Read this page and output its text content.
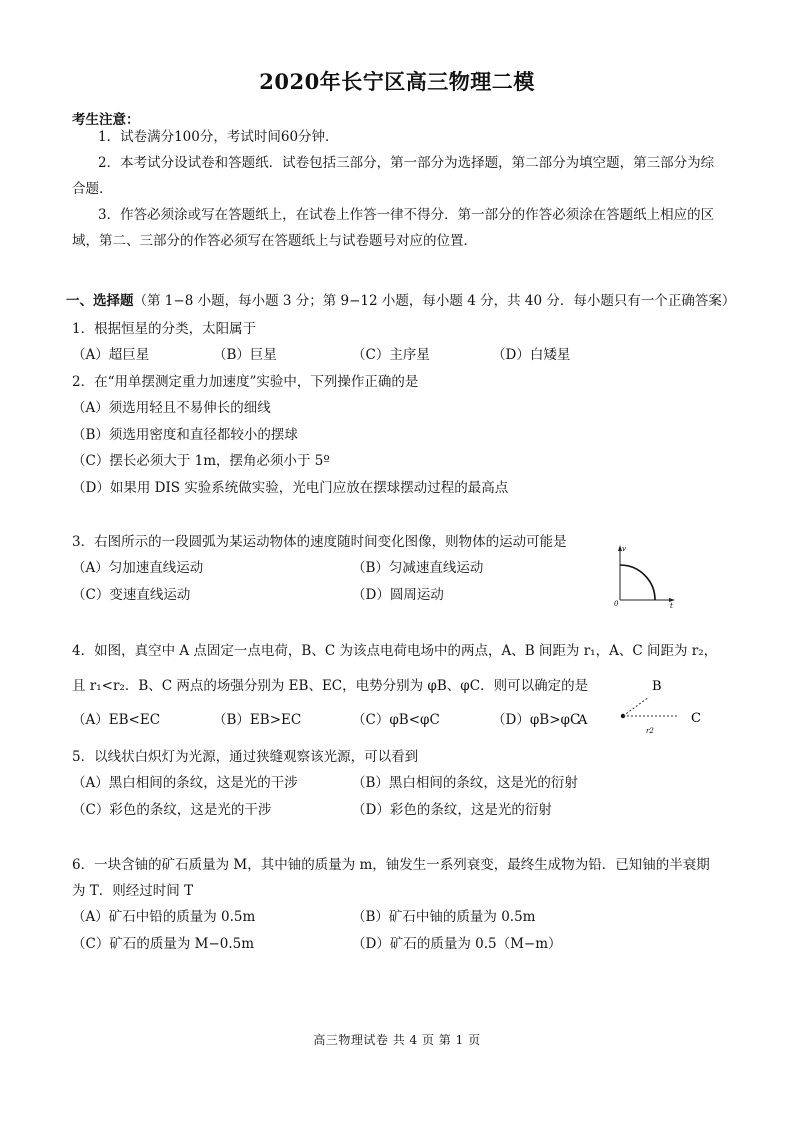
2020年长宁区高三物理二模
考生注意：
1．试卷满分100分，考试时间60分钟．
2．本考试分设试卷和答题纸．试卷包括三部分，第一部分为选择题，第二部分为填空题，第三部分为综合题．
3．作答必须涂或写在答题纸上，在试卷上作答一律不得分．第一部分的作答必须涂在答题纸上相应的区域，第二、三部分的作答必须写在答题纸上与试卷题号对应的位置．
一、选择题（第 1−8 小题，每小题 3 分；第 9−12 小题，每小题 4 分，共 40 分．每小题只有一个正确答案）
1．根据恒星的分类，太阳属于
（A）超巨星	（B）巨星	（C）主序星	（D）白矮星
2．在“用单摆测定重力加速度”实验中，下列操作正确的是
（A）须选用轻且不易伸长的细线
（B）须选用密度和直径都较小的摆球
（C）摆长必须大于 1m，摆角必须小于 5º
（D）如果用 DIS 实验系统做实验，光电门应放在摆球摆动过程的最高点
3．右图所示的一段圆弧为某运动物体的速度随时间变化图像，则物体的运动可能是
（A）匀加速直线运动	（B）匀减速直线运动
（C）变速直线运动	（D）圆周运动
v
0	t
4．如图，真空中 A 点固定一点电荷，B、C 为该点电荷电场中的两点，A、B 间距为 r₁，A、C 间距为 r₂，
且 r₁<r₂．B、C 两点的场强分别为 EB、EC，电势分别为 φB、φC．则可以确定的是
（A）EB<EC	（B）EB>EC	（C）φB<φC	（D）φB>φC
A
B
C
r2
5．以线状白炽灯为光源，通过狭缝观察该光源，可以看到
（A）黑白相间的条纹，这是光的干涉	（B）黑白相间的条纹，这是光的衍射
（C）彩色的条纹，这是光的干涉	（D）彩色的条纹，这是光的衍射
6．一块含铀的矿石质量为 M，其中铀的质量为 m，铀发生一系列衰变，最终生成物为铅．已知铀的半衰期
为 T．则经过时间 T
（A）矿石中铅的质量为 0.5m	（B）矿石中铀的质量为 0.5m
（C）矿石的质量为 M−0.5m	（D）矿石的质量为 0.5（M−m）
高三物理试卷 共 4 页 第 1 页
